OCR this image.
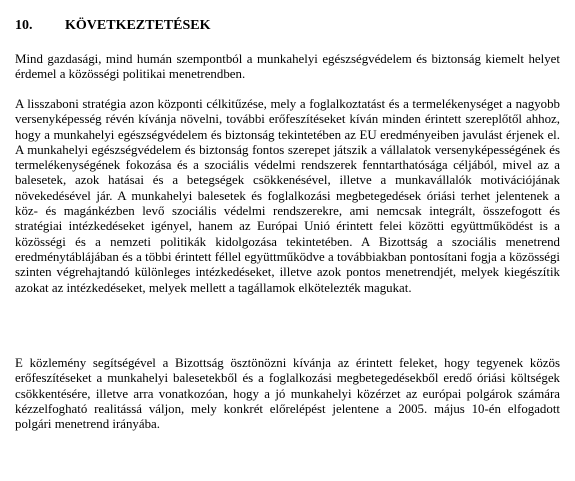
10. KÖVETKEZTETÉSEK

Mind gazdasági, mind humán szempontból a munkahelyi egészségvédelem és biztonság kiemelt helyet érdemel a közösségi politikai menetrendben.

A lisszaboni stratégia azon központi célkitűzése, mely a foglalkoztatást és a termelékenységet a nagyobb versenyképesség révén kívánja növelni, további erőfeszítéseket kíván minden érintett szereplőtől ahhoz, hogy a munkahelyi egészségvédelem és biztonság tekintetében az EU eredményeiben javulást érjenek el. A munkahelyi egészségvédelem és biztonság fontos szerepet játszik a vállalatok versenyképességének és termelékenységének fokozása és a szociális védelmi rendszerek fenntarthatósága céljából, mivel az a balesetek, azok hatásai és a betegségek csökkenésével, illetve a munkavállalók motivációjának növekedésével jár. A munkahelyi balesetek és foglalkozási megbetegedések óriási terhet jelentenek a köz- és magánkézben levő szociális védelmi rendszerekre, ami nemcsak integrált, összefogott és stratégiai intézkedéseket igényel, hanem az Európai Unió érintett felei közötti együttműködést is a közösségi és a nemzeti politikák kidolgozása tekintetében. A Bizottság a szociális menetrend eredménytáblájában és a többi érintett féllel együttműködve a továbbiakban pontosítani fogja a közösségi szinten végrehajtandó különleges intézkedéseket, illetve azok pontos menetrendjét, melyek kiegészítik azokat az intézkedéseket, melyek mellett a tagállamok elkötelezték magukat.

E közlemény segítségével a Bizottság ösztönözni kívánja az érintett feleket, hogy tegyenek közös erőfeszítéseket a munkahelyi balesetekből és a foglalkozási megbetegedésekből eredő óriási költségek csökkentésére, illetve arra vonatkozóan, hogy a jó munkahelyi közérzet az európai polgárok számára kézzelfogható realitássá váljon, mely konkrét előrelépést jelentene a 2005. május 10-én elfogadott polgári menetrend irányába.
